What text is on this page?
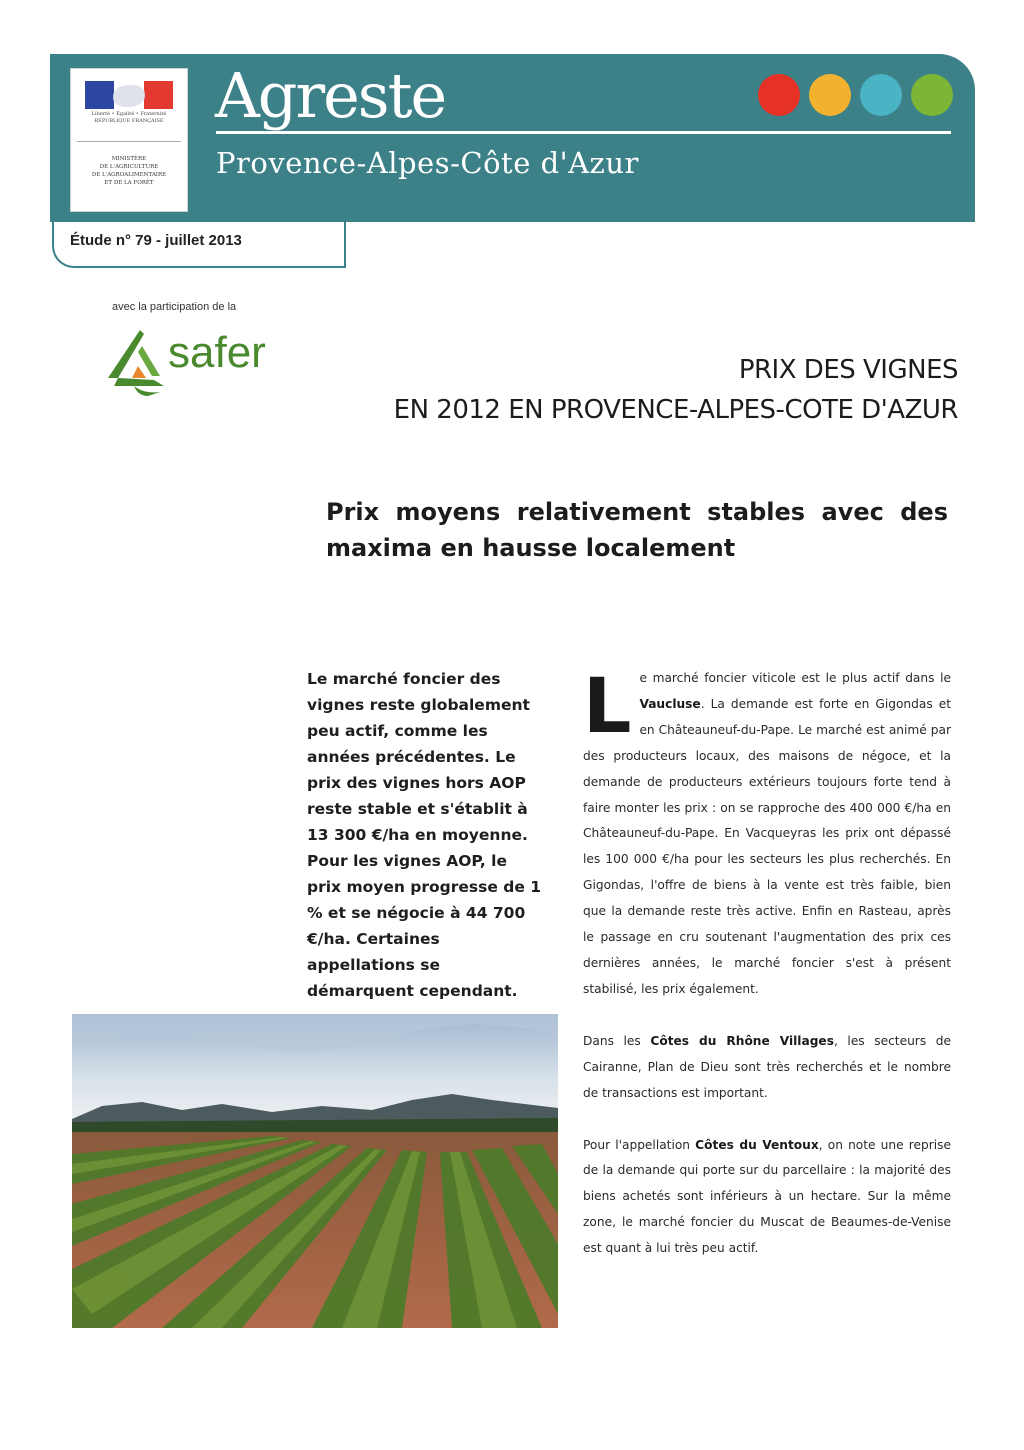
Liberté • Égalité • Fraternité
RÉPUBLIQUE FRANÇAISE
MINISTÈRE
DE L'AGRICULTURE
DE L'AGROALIMENTAIRE
ET DE LA FORÊT
Agreste
Provence-Alpes-Côte d'Azur
Étude n° 79 - juillet 2013
avec la participation de la
safer	PRIX DES VIGNES
EN 2012 EN PROVENCE-ALPES-COTE D'AZUR
Prix moyens relativement stables avec des maxima en hausse localement
Le marché foncier des vignes reste globalement peu actif, comme les années précédentes. Le prix des vignes hors AOP reste stable et s'établit à 13 300 €/ha en moyenne. Pour les vignes AOP, le prix moyen progresse de 1 % et se négocie à 44 700 €/ha. Certaines appellations se démarquent cependant.

Le marché foncier viticole est le plus actif dans le Vaucluse. La demande est forte en Gigondas et en Châteauneuf-du-Pape. Le marché est animé par des producteurs locaux, des maisons de négoce, et la demande de producteurs extérieurs toujours forte tend à faire monter les prix : on se rapproche des 400 000 €/ha en Châteauneuf-du-Pape. En Vacqueyras les prix ont dépassé les 100 000 €/ha pour les secteurs les plus recherchés. En Gigondas, l'offre de biens à la vente est très faible, bien que la demande reste très active. Enfin en Rasteau, après le passage en cru soutenant l'augmentation des prix ces dernières années, le marché foncier s'est à présent stabilisé, les prix également.

Dans les Côtes du Rhône Villages, les secteurs de Cairanne, Plan de Dieu sont très recherchés et le nombre de transactions est important.

Pour l'appellation Côtes du Ventoux, on note une reprise de la demande qui porte sur du parcellaire : la majorité des biens achetés sont inférieurs à un hectare. Sur la même zone, le marché foncier du Muscat de Beaumes-de-Venise est quant à lui très peu actif.
